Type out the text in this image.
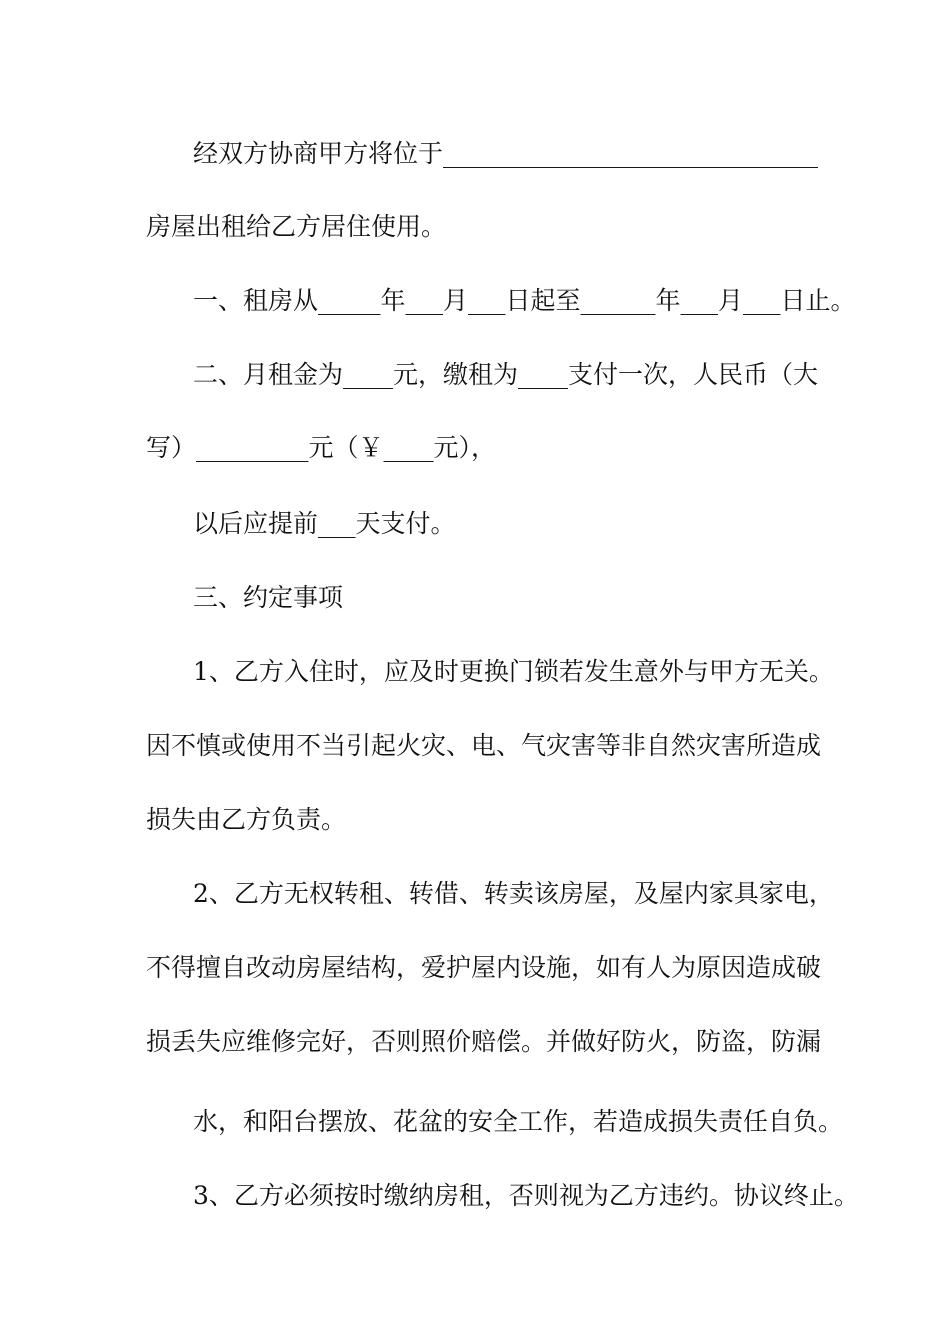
经双方协商甲方将位于______________________________
房屋出租给乙方居住使用。
一、租房从_____年___月___日起至______年___月___日止。
二、月租金为____元，缴租为____支付一次，人民币（大
写）_________元（￥____元），
以后应提前___天支付。
三、约定事项
1、乙方入住时，应及时更换门锁若发生意外与甲方无关。
因不慎或使用不当引起火灾、电、气灾害等非自然灾害所造成
损失由乙方负责。
2、乙方无权转租、转借、转卖该房屋，及屋内家具家电，
不得擅自改动房屋结构，爱护屋内设施，如有人为原因造成破
损丢失应维修完好，否则照价赔偿。并做好防火，防盗，防漏
水，和阳台摆放、花盆的安全工作，若造成损失责任自负。
3、乙方必须按时缴纳房租，否则视为乙方违约。协议终止。
